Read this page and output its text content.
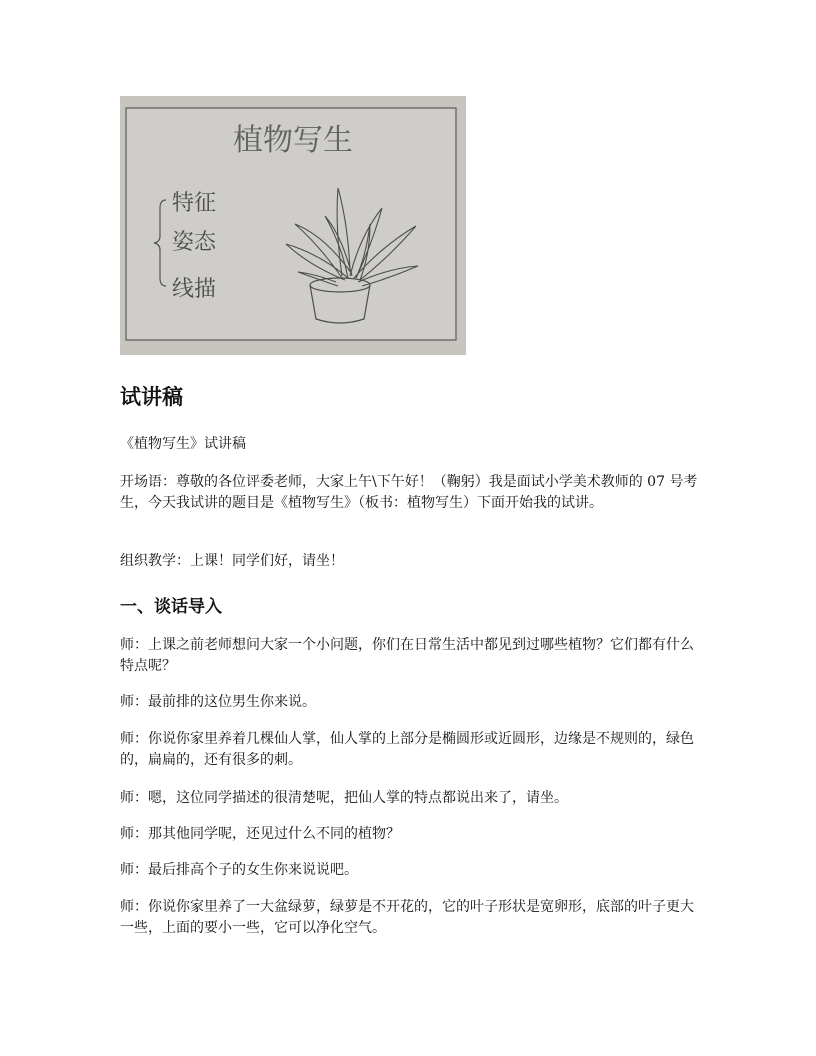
植物写生
特征
姿态
线描
试讲稿

《植物写生》试讲稿

开场语：尊敬的各位评委老师，大家上午\下午好！（鞠躬）我是面试小学美术教师的 07 号考生，今天我试讲的题目是《植物写生》（板书：植物写生）下面开始我的试讲。

组织教学：上课！同学们好，请坐！

一、谈话导入

师：上课之前老师想问大家一个小问题，你们在日常生活中都见到过哪些植物？它们都有什么特点呢？

师：最前排的这位男生你来说。

师：你说你家里养着几棵仙人掌，仙人掌的上部分是椭圆形或近圆形，边缘是不规则的，绿色的，扁扁的，还有很多的刺。

师：嗯，这位同学描述的很清楚呢，把仙人掌的特点都说出来了，请坐。

师：那其他同学呢，还见过什么不同的植物？

师：最后排高个子的女生你来说说吧。

师：你说你家里养了一大盆绿萝，绿萝是不开花的，它的叶子形状是宽卵形，底部的叶子更大一些，上面的要小一些，它可以净化空气。
